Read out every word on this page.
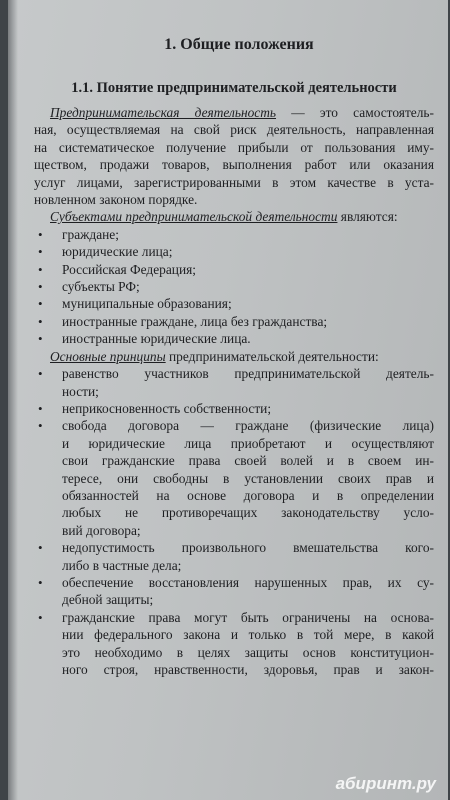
1. Общие положения
1.1. Понятие предпринимательской деятельности
Предпринимательская деятельность — это самостоятель-
ная, осуществляемая на свой риск деятельность, направленная
на систематическое получение прибыли от пользования иму-
ществом, продажи товаров, выполнения работ или оказания
услуг лицами, зарегистрированными в этом качестве в уста-
новленном законом порядке.
Субъектами предпринимательской деятельности являются:
• граждане;
• юридические лица;
• Российская Федерация;
• субъекты РФ;
• муниципальные образования;
• иностранные граждане, лица без гражданства;
• иностранные юридические лица.
Основные принципы предпринимательской деятельности:
• равенство участников предпринимательской деятель-
ности;
• неприкосновенность собственности;
• свобода договора — граждане (физические лица)
и юридические лица приобретают и осуществляют
свои гражданские права своей волей и в своем ин-
тересе, они свободны в установлении своих прав и
обязанностей на основе договора и в определении
любых не противоречащих законодательству усло-
вий договора;
• недопустимость произвольного вмешательства кого-
либо в частные дела;
• обеспечение восстановления нарушенных прав, их су-
дебной защиты;
• гражданские права могут быть ограничены на основа-
нии федерального закона и только в той мере, в какой
это необходимо в целях защиты основ конституцион-
ного строя, нравственности, здоровья, прав и закон-
абиринт.ру
